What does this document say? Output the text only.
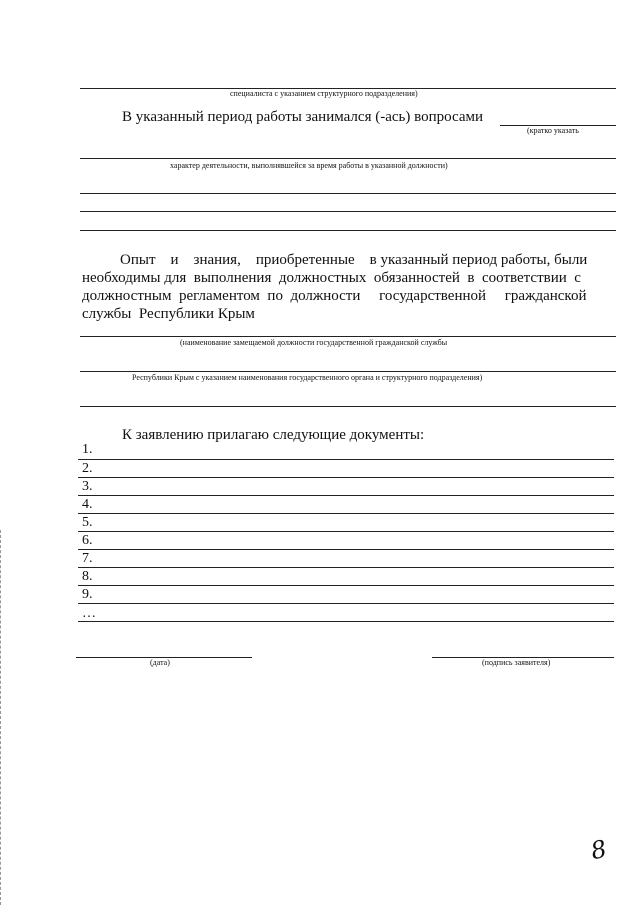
специалиста с указанием структурного подразделения)
В указанный период работы занимался (-ась) вопросами
(кратко указать
характер деятельности, выполнявшейся за время работы в указанной должности)
Опыт    и    знания,    приобретенные    в указанный период работы, были
необходимы для  выполнения  должностных  обязанностей  в  соответствии  с
должностным  регламентом  по  должности     государственной     гражданской
службы  Республики Крым
(наименование замещаемой должности государственной гражданской службы
Республики Крым с указанием наименования государственного органа и структурного подразделения)
К заявлению прилагаю следующие документы:
1.
2.
3.
4.
5.
6.
7.
8.
9.
…
(дата)	(подпись заявителя)
8
